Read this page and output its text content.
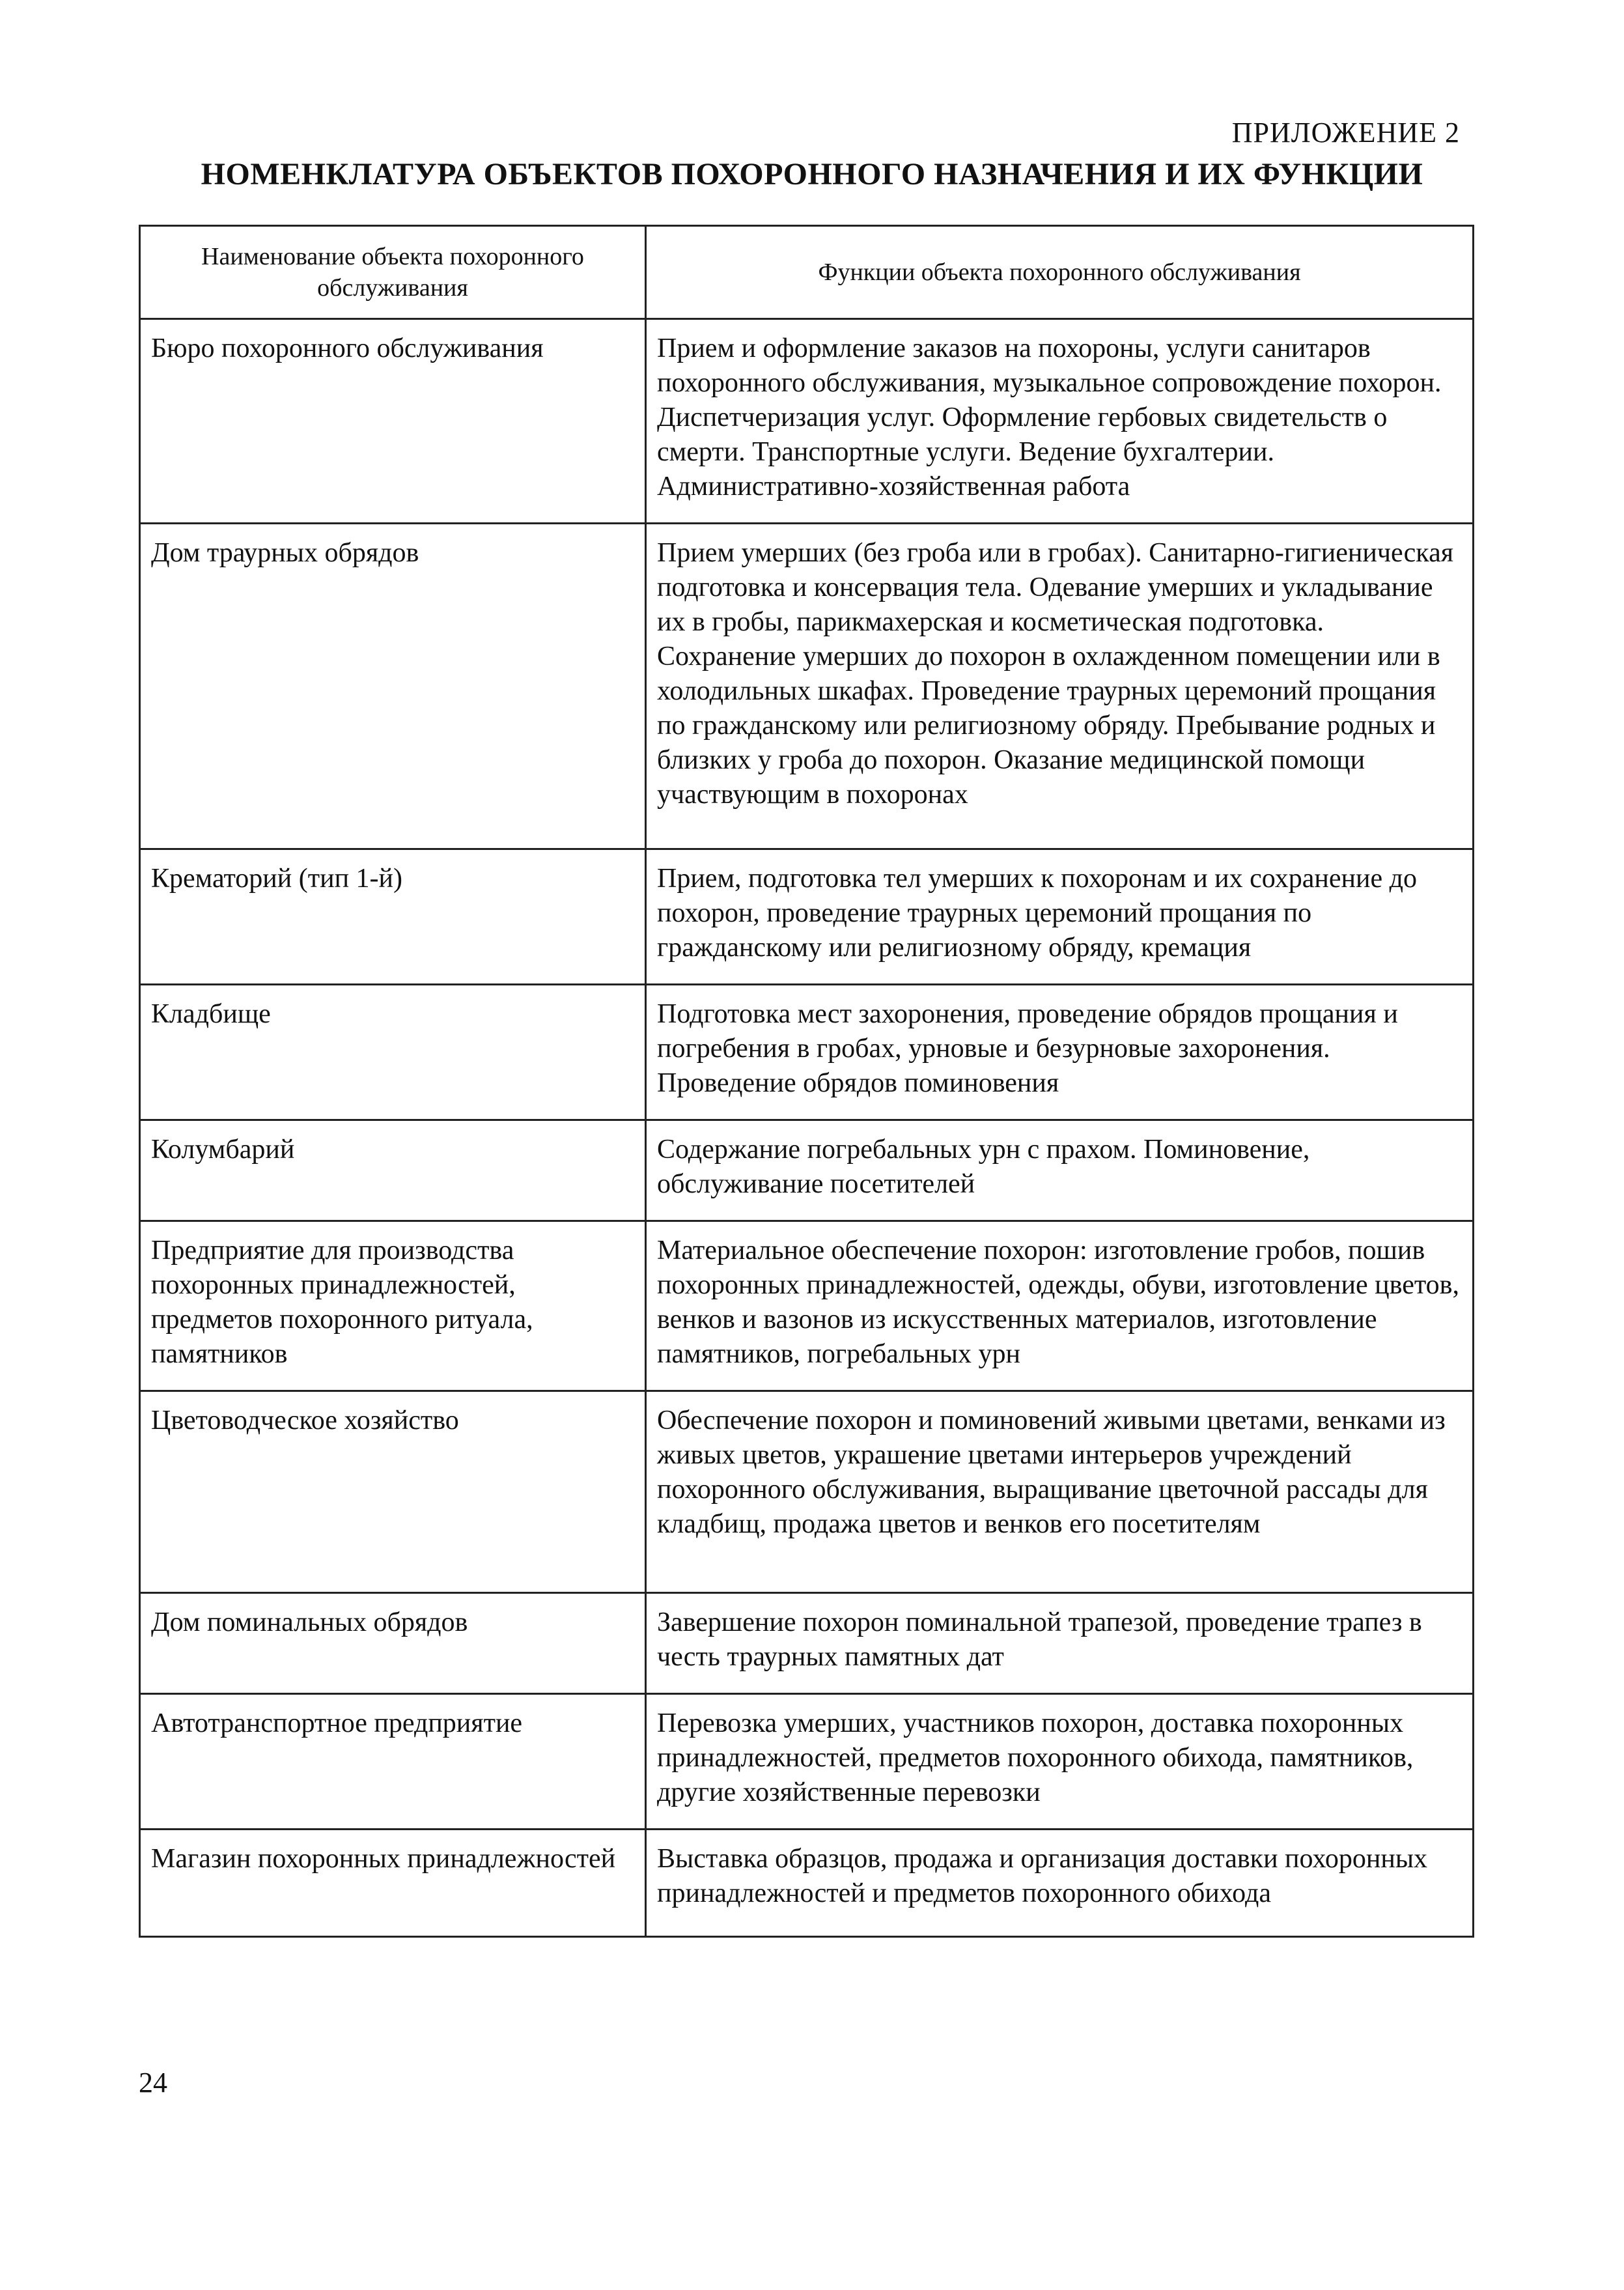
ПРИЛОЖЕНИЕ 2
НОМЕНКЛАТУРА ОБЪЕКТОВ ПОХОРОННОГО НАЗНАЧЕНИЯ И ИХ ФУНКЦИИ
Наименование объекта похоронного обслуживания	Функции объекта похоронного обслуживания
Бюро похоронного обслуживания	Прием и оформление заказов на похороны, услуги санитаров похоронного обслуживания, музыкальное сопровождение похорон. Диспетчеризация услуг. Оформление гербовых свидетельств о смерти. Транспортные услуги. Ведение бухгалтерии. Административно-хозяйственная работа
Дом траурных обрядов	Прием умерших (без гроба или в гробах). Санитарно-гигиеническая подготовка и консервация тела. Одевание умерших и укладывание их в гробы, парикмахерская и косметическая подготовка. Сохранение умерших до похорон в охлажденном помещении или в холодильных шкафах. Проведение траурных церемоний прощания по гражданскому или религиозному обряду. Пребывание родных и близких у гроба до похорон. Оказание медицинской помощи участвующим в похоронах
Крематорий (тип 1-й)	Прием, подготовка тел умерших к похоронам и их сохранение до похорон, проведение траурных церемоний прощания по гражданскому или религиозному обряду, кремация
Кладбище	Подготовка мест захоронения, проведение обрядов прощания и погребения в гробах, урновые и безурновые захоронения. Проведение обрядов поминовения
Колумбарий	Содержание погребальных урн с прахом. Поминовение, обслуживание посетителей
Предприятие для производства похоронных принадлежностей, предметов похоронного ритуала, памятников	Материальное обеспечение похорон: изготовление гробов, пошив похоронных принадлежностей, одежды, обуви, изготовление цветов, венков и вазонов из искусственных материалов, изготовление памятников, погребальных урн
Цветоводческое хозяйство	Обеспечение похорон и поминовений живыми цветами, венками из живых цветов, украшение цветами интерьеров учреждений похоронного обслуживания, выращивание цветочной рассады для кладбищ, продажа цветов и венков его посетителям
Дом поминальных обрядов	Завершение похорон поминальной трапезой, проведение трапез в честь траурных памятных дат
Автотранспортное предприятие	Перевозка умерших, участников похорон, доставка похоронных принадлежностей, предметов похоронного обихода, памятников, другие хозяйственные перевозки
Магазин похоронных принадлежностей	Выставка образцов, продажа и организация доставки похоронных принадлежностей и предметов похоронного обихода
24
